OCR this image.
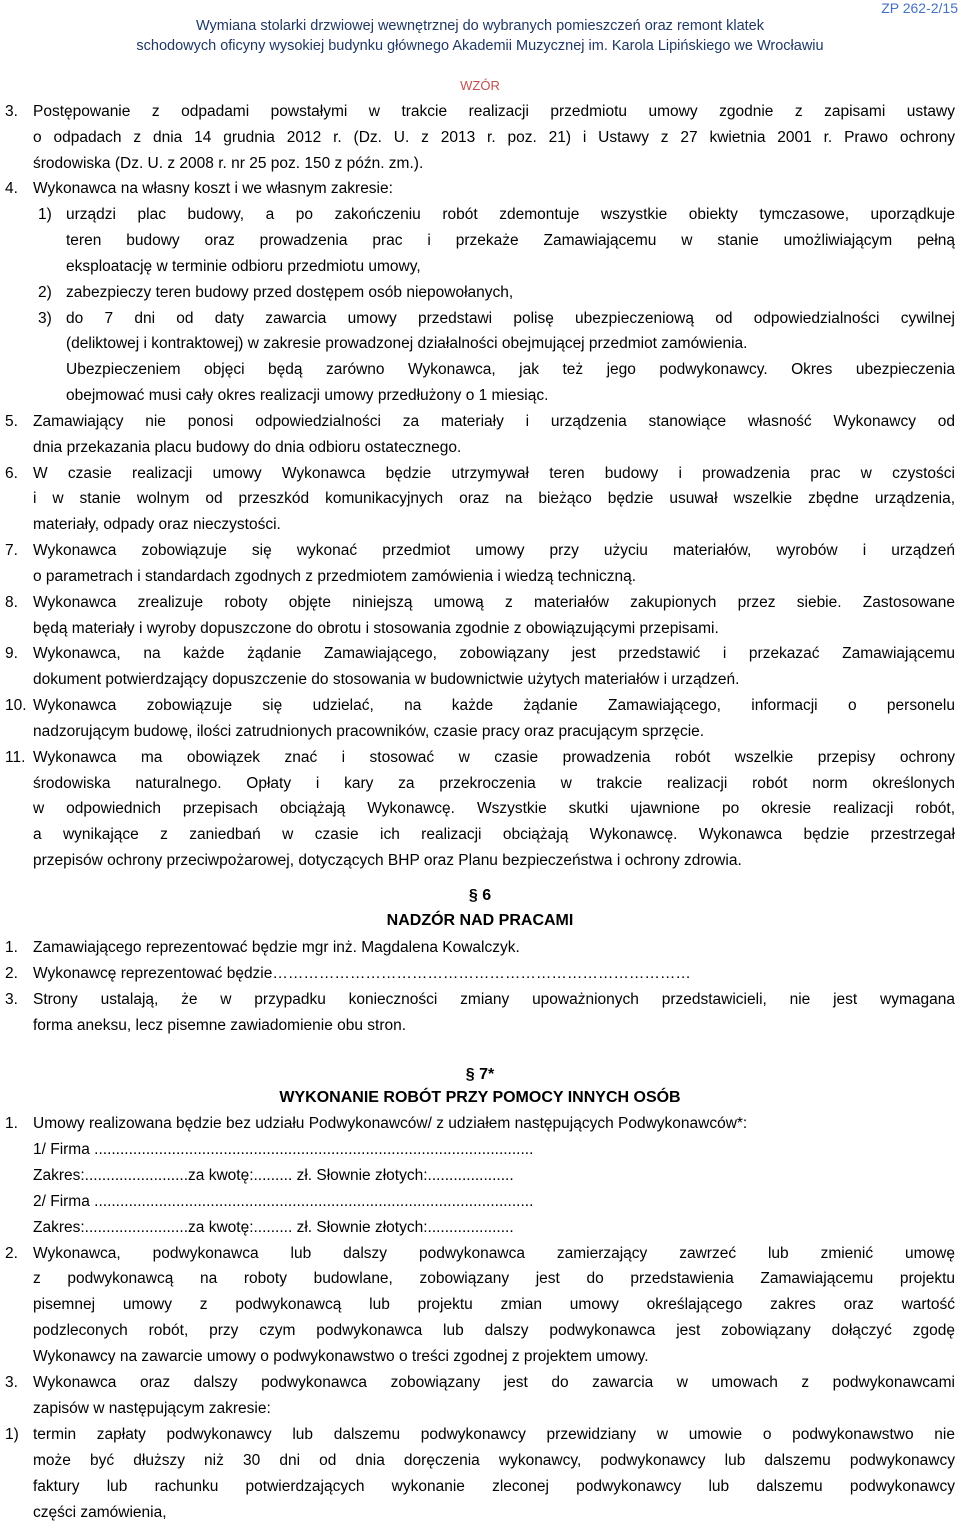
ZP 262-2/15
Wymiana stolarki drzwiowej wewnętrznej do wybranych pomieszczeń oraz remont klatek
schodowych oficyny wysokiej budynku głównego Akademii Muzycznej im. Karola Lipińskiego we Wrocławiu
WZÓR
3. Postępowanie z odpadami powstałymi w trakcie realizacji przedmiotu umowy zgodnie z zapisami ustawy
o odpadach z dnia 14 grudnia 2012 r. (Dz. U. z 2013 r. poz. 21) i Ustawy z 27 kwietnia 2001 r. Prawo ochrony
środowiska (Dz. U. z 2008 r. nr 25 poz. 150 z późn. zm.).
4. Wykonawca na własny koszt i we własnym zakresie:
1) urządzi plac budowy, a po zakończeniu robót zdemontuje wszystkie obiekty tymczasowe, uporządkuje
teren budowy oraz prowadzenia prac i przekaże Zamawiającemu w stanie umożliwiającym pełną
eksploatację w terminie odbioru przedmiotu umowy,
2) zabezpieczy teren budowy przed dostępem osób niepowołanych,
3) do 7 dni od daty zawarcia umowy przedstawi polisę ubezpieczeniową od odpowiedzialności cywilnej
(deliktowej i kontraktowej) w zakresie prowadzonej działalności obejmującej przedmiot zamówienia.
Ubezpieczeniem objęci będą zarówno Wykonawca, jak też jego podwykonawcy. Okres ubezpieczenia
obejmować musi cały okres realizacji umowy przedłużony o 1 miesiąc.
5. Zamawiający nie ponosi odpowiedzialności za materiały i urządzenia stanowiące własność Wykonawcy od
dnia przekazania placu budowy do dnia odbioru ostatecznego.
6. W czasie realizacji umowy Wykonawca będzie utrzymywał teren budowy i prowadzenia prac w czystości
i w stanie wolnym od przeszkód komunikacyjnych oraz na bieżąco będzie usuwał wszelkie zbędne urządzenia,
materiały, odpady oraz nieczystości.
7. Wykonawca zobowiązuje się wykonać przedmiot umowy przy użyciu materiałów, wyrobów i urządzeń
o parametrach i standardach zgodnych z przedmiotem zamówienia i wiedzą techniczną.
8. Wykonawca zrealizuje roboty objęte niniejszą umową z materiałów zakupionych przez siebie. Zastosowane
będą materiały i wyroby dopuszczone do obrotu i stosowania zgodnie z obowiązującymi przepisami.
9. Wykonawca, na każde żądanie Zamawiającego, zobowiązany jest przedstawić i przekazać Zamawiającemu
dokument potwierdzający dopuszczenie do stosowania w budownictwie użytych materiałów i urządzeń.
10. Wykonawca zobowiązuje się udzielać, na każde żądanie Zamawiającego, informacji o personelu
nadzorującym budowę, ilości zatrudnionych pracowników, czasie pracy oraz pracującym sprzęcie.
11. Wykonawca ma obowiązek znać i stosować w czasie prowadzenia robót wszelkie przepisy ochrony
środowiska naturalnego. Opłaty i kary za przekroczenia w trakcie realizacji robót norm określonych
w odpowiednich przepisach obciążają Wykonawcę. Wszystkie skutki ujawnione po okresie realizacji robót,
a wynikające z zaniedbań w czasie ich realizacji obciążają Wykonawcę. Wykonawca będzie przestrzegał
przepisów ochrony przeciwpożarowej, dotyczących BHP oraz Planu bezpieczeństwa i ochrony zdrowia.
§ 6
NADZÓR NAD PRACAMI
1. Zamawiającego reprezentować będzie mgr inż. Magdalena Kowalczyk.
2. Wykonawcę reprezentować będzie………………………………………………………………………
3. Strony ustalają, że w przypadku konieczności zmiany upoważnionych przedstawicieli, nie jest wymagana
forma aneksu, lecz pisemne zawiadomienie obu stron.
§ 7*
WYKONANIE ROBÓT PRZY POMOCY INNYCH OSÓB
1. Umowy realizowana będzie bez udziału Podwykonawców/ z udziałem następujących Podwykonawców*:
1/ Firma ......................................................................................................
Zakres:........................za kwotę:......... zł. Słownie złotych:....................
2/ Firma ......................................................................................................
Zakres:........................za kwotę:......... zł. Słownie złotych:....................
2. Wykonawca, podwykonawca lub dalszy podwykonawca zamierzający zawrzeć lub zmienić umowę
z podwykonawcą na roboty budowlane, zobowiązany jest do przedstawienia Zamawiającemu projektu
pisemnej umowy z podwykonawcą lub projektu zmian umowy określającego zakres oraz wartość
podzleconych robót, przy czym podwykonawca lub dalszy podwykonawca jest zobowiązany dołączyć zgodę
Wykonawcy na zawarcie umowy o podwykonawstwo o treści zgodnej z projektem umowy.
3. Wykonawca oraz dalszy podwykonawca zobowiązany jest do zawarcia w umowach z podwykonawcami
zapisów w następującym zakresie:
1) termin zapłaty podwykonawcy lub dalszemu podwykonawcy przewidziany w umowie o podwykonawstwo nie
może być dłuższy niż 30 dni od dnia doręczenia wykonawcy, podwykonawcy lub dalszemu podwykonawcy
faktury lub rachunku potwierdzających wykonanie zleconej podwykonawcy lub dalszemu podwykonawcy
części zamówienia,
